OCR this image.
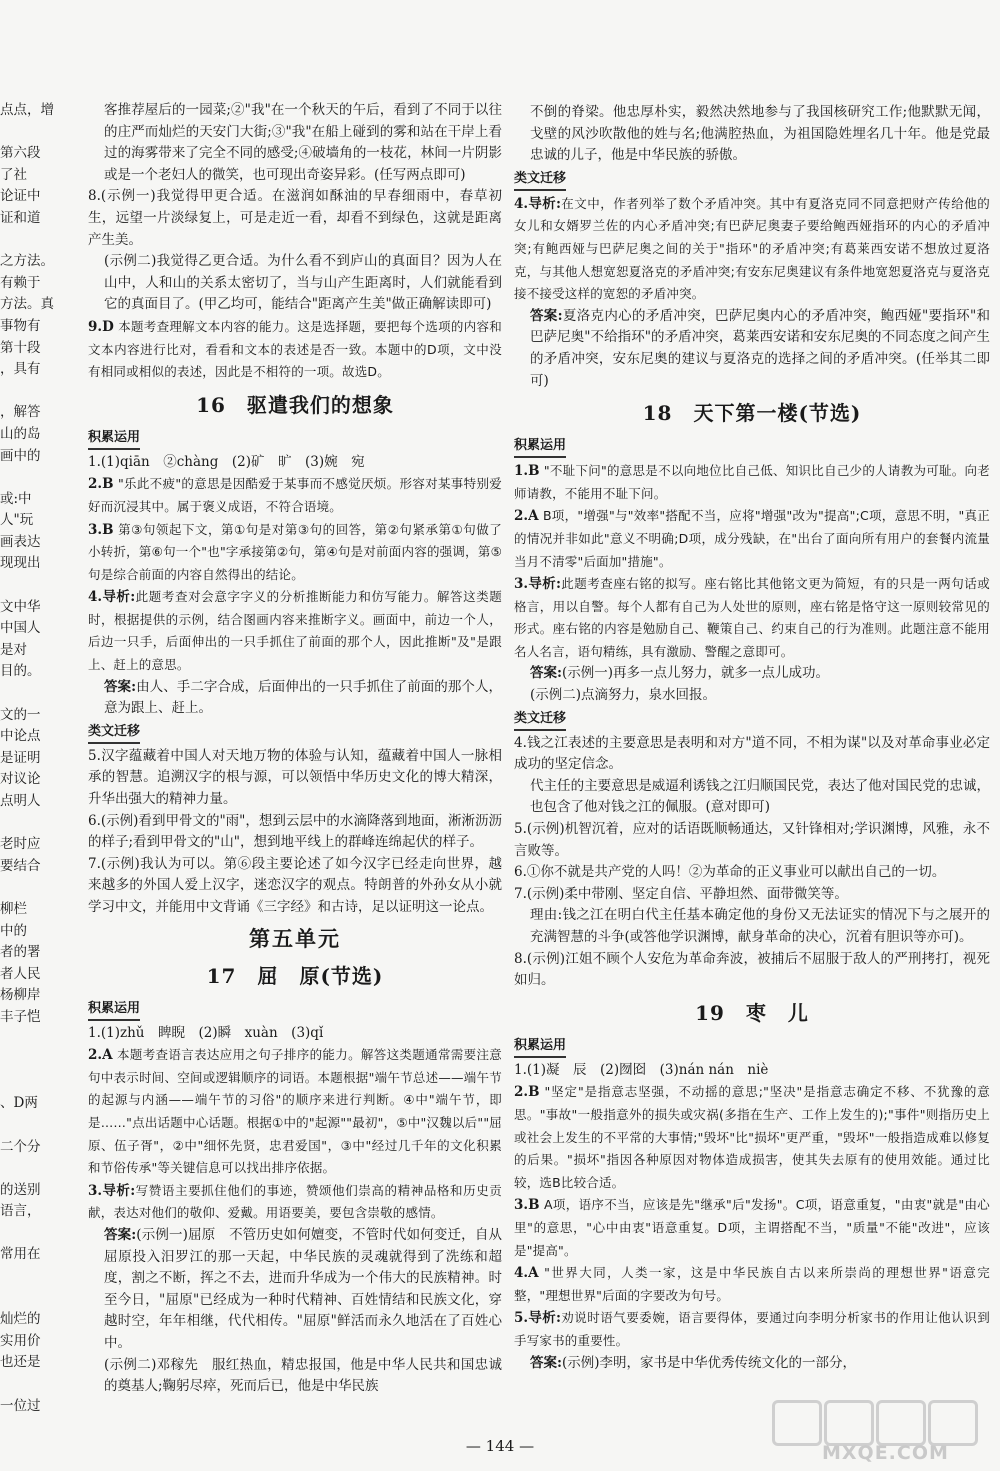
点点，增

第六段

了社

论证中

证和道

之方法。

有赖于

方法。真

事物有

第十段

，具有

，解答

山的岛

画中的

或:中

人"玩

画表达

现现出

文中华

中国人

是对

目的。

文的一

中论点

是证明

对议论

点明人

老时应

要结合

柳栏

中的

者的署

者人民

杨柳岸

丰子恺

、D两

二个分

的送别

语言，

常用在

灿烂的

实用价

也还是

一位过

客推荐屋后的一园菜;②"我"在一个秋天的午后，看到了不同于以往的庄严而灿烂的天安门大街;③"我"在船上碰到的雾和站在干岸上看过的海雾带来了完全不同的感受;④破墙角的一枝花，林间一片阴影或是一个老妇人的微笑，也可现出奇姿异彩。(任写两点即可)

8.(示例一)我觉得甲更合适。在滋润如酥油的早春细雨中，春草初生，远望一片淡绿复上，可是走近一看，却看不到绿色，这就是距离产生美。

(示例二)我觉得乙更合适。为什么看不到庐山的真面目？因为人在山中，人和山的关系太密切了，当与山产生距离时，人们就能看到它的真面目了。(甲乙均可，能结合"距离产生美"做正确解读即可)

9.D 本题考查理解文本内容的能力。这是选择题，要把每个选项的内容和文本内容进行比对，看看和文本的表述是否一致。本题中的D项，文中没有相同或相似的表述，因此是不相符的一项。故选D。

16　驱遣我们的想象
积累运用

1.(1)qiān　②chàng　(2)矿　旷　(3)婉　宛

2.B "乐此不疲"的意思是因酷爱于某事而不感觉厌烦。形容对某事特别爱好而沉浸其中。属于褒义成语，不符合语境。

3.B 第③句领起下文，第①句是对第③句的回答，第②句紧承第①句做了小转折，第⑥句一个"也"字承接第②句，第④句是对前面内容的强调，第⑤句是综合前面的内容自然得出的结论。

4.导析:此题考查对会意字字义的分析推断能力和仿写能力。解答这类题时，根据提供的示例，结合图画内容来推断字义。画面中，前边一个人，后边一只手，后面伸出的一只手抓住了前面的那个人，因此推断"及"是跟上、赶上的意思。

答案:由人、手二字合成，后面伸出的一只手抓住了前面的那个人，意为跟上、赶上。

类文迁移

5.汉字蕴藏着中国人对天地万物的体验与认知，蕴藏着中国人一脉相承的智慧。追溯汉字的根与源，可以领悟中华历史文化的博大精深，升华出强大的精神力量。

6.(示例)看到甲骨文的"雨"，想到云层中的水滴降落到地面，淅淅沥沥的样子;看到甲骨文的"山"，想到地平线上的群峰连绵起伏的样子。

7.(示例)我认为可以。第⑥段主要论述了如今汉字已经走向世界，越来越多的外国人爱上汉字，迷恋汉字的观点。特朗普的外孙女从小就学习中文，并能用中文背诵《三字经》和古诗，足以证明这一论点。

第五单元
17　屈　原(节选)
积累运用

1.(1)zhǔ　睥睨　(2)瞬　xuàn　(3)qǐ

2.A 本题考查语言表达应用之句子排序的能力。解答这类题通常需要注意句中表示时间、空间或逻辑顺序的词语。本题根据"端午节总述——端午节的起源与内涵——端午节的习俗"的顺序来进行判断。④中"端午节，即是……"点出话题中心话题。根据①中的"起源""最初"，⑤中"汉魏以后""屈原、伍子胥"，②中"细怀先贤，忠君爱国"，③中"经过几千年的文化积累和节俗传承"等关键信息可以找出排序依据。

3.导析:写赞语主要抓住他们的事迹，赞颂他们崇高的精神品格和历史贡献，表达对他们的敬仰、爱戴。用语要美，要包含崇敬的感情。

答案:(示例一)屈原　不管历史如何嬗变，不管时代如何变迁，自从屈原投入汨罗江的那一天起，中华民族的灵魂就得到了洗练和超度，割之不断，挥之不去，进而升华成为一个伟大的民族精神。时至今日，"屈原"已经成为一种时代精神、百姓情结和民族文化，穿越时空，年年相继，代代相传。"屈原"鲜活而永久地活在了百姓心中。

(示例二)邓稼先　服红热血，精忠报国，他是中华人民共和国忠诚的奠基人;鞠躬尽瘁，死而后已，他是中华民族

不倒的脊梁。他忠厚朴实，毅然决然地参与了我国核研究工作;他默默无闻，戈壁的风沙吹散他的姓与名;他满腔热血，为祖国隐姓埋名几十年。他是党最忠诚的儿子，他是中华民族的骄傲。

类文迁移

4.导析:在文中，作者列举了数个矛盾冲突。其中有夏洛克同不同意把财产传给他的女儿和女婿罗兰佐的内心矛盾冲突;有巴萨尼奥妻子要给鲍西娅指环的内心的矛盾冲突;有鲍西娅与巴萨尼奥之间的关于"指环"的矛盾冲突;有葛莱西安诺不想放过夏洛克，与其他人想宽恕夏洛克的矛盾冲突;有安东尼奥建议有条件地宽恕夏洛克与夏洛克接不接受这样的宽恕的矛盾冲突。

答案:夏洛克内心的矛盾冲突，巴萨尼奥内心的矛盾冲突，鲍西娅"要指环"和巴萨尼奥"不给指环"的矛盾冲突，葛莱西安诺和安东尼奥的不同态度之间产生的矛盾冲突，安东尼奥的建议与夏洛克的选择之间的矛盾冲突。(任举其二即可)

18　天下第一楼(节选)
积累运用

1.B "不耻下问"的意思是不以向地位比自己低、知识比自己少的人请教为可耻。向老师请教，不能用不耻下问。

2.A B项，"增强"与"效率"搭配不当，应将"增强"改为"提高";C项，意思不明，"真正的情况并非如此"意义不明确;D项，成分残缺，在"出台了面向所有用户的套餐内流量当月不清零"后面加"措施"。

3.导析:此题考查座右铭的拟写。座右铭比其他铭文更为简短，有的只是一两句话或格言，用以自警。每个人都有自己为人处世的原则，座右铭是恪守这一原则较常见的形式。座右铭的内容是勉励自己、鞭策自己、约束自己的行为准则。此题注意不能用名人名言，语句精练，具有激励、警醒之意即可。

答案:(示例一)再多一点儿努力，就多一点儿成功。

(示例二)点滴努力，泉水回报。

类文迁移

4.钱之江表述的主要意思是表明和对方"道不同，不相为谋"以及对革命事业必定成功的坚定信念。

代主任的主要意思是威逼利诱钱之江归顺国民党，表达了他对国民党的忠诚，也包含了他对钱之江的佩服。(意对即可)

5.(示例)机智沉着，应对的话语既顺畅通达，又针锋相对;学识渊博，风雅，永不言败等。

6.①你不就是共产党的人吗！②为革命的正义事业可以献出自己的一切。

7.(示例)柔中带刚、坚定自信、平静坦然、面带微笑等。

理由:钱之江在明白代主任基本确定他的身份又无法证实的情况下与之展开的充满智慧的斗争(或答他学识渊博，献身革命的决心，沉着有胆识等亦可)。

8.(示例)江姐不顾个人安危为革命奔波，被捕后不屈服于敌人的严刑拷打，视死如归。

19　枣　儿
积累运用

1.(1)凝　辰　(2)囫囵　(3)nán nán　niè

2.B "坚定"是指意志坚强，不动摇的意思;"坚决"是指意志确定不移、不犹豫的意思。"事故"一般指意外的损失或灾祸(多指在生产、工作上发生的);"事件"则指历史上或社会上发生的不平常的大事情;"毁坏"比"损坏"更严重，"毁坏"一般指造成难以修复的后果。"损坏"指因各种原因对物体造成损害，使其失去原有的使用效能。通过比较，选B比较合适。

3.B A项，语序不当，应该是先"继承"后"发扬"。C项，语意重复，"由衷"就是"由心里"的意思，"心中由衷"语意重复。D项，主谓搭配不当，"质量"不能"改进"，应该是"提高"。

4.A "世界大同，人类一家，这是中华民族自古以来所崇尚的理想世界"语意完整，"理想世界"后面的字要改为句号。

5.导析:劝说时语气要委婉，语言要得体，要通过向李明分析家书的作用让他认识到手写家书的重要性。

答案:(示例)李明，家书是中华优秀传统文化的一部分，

— 144 —	MXQE.COM
